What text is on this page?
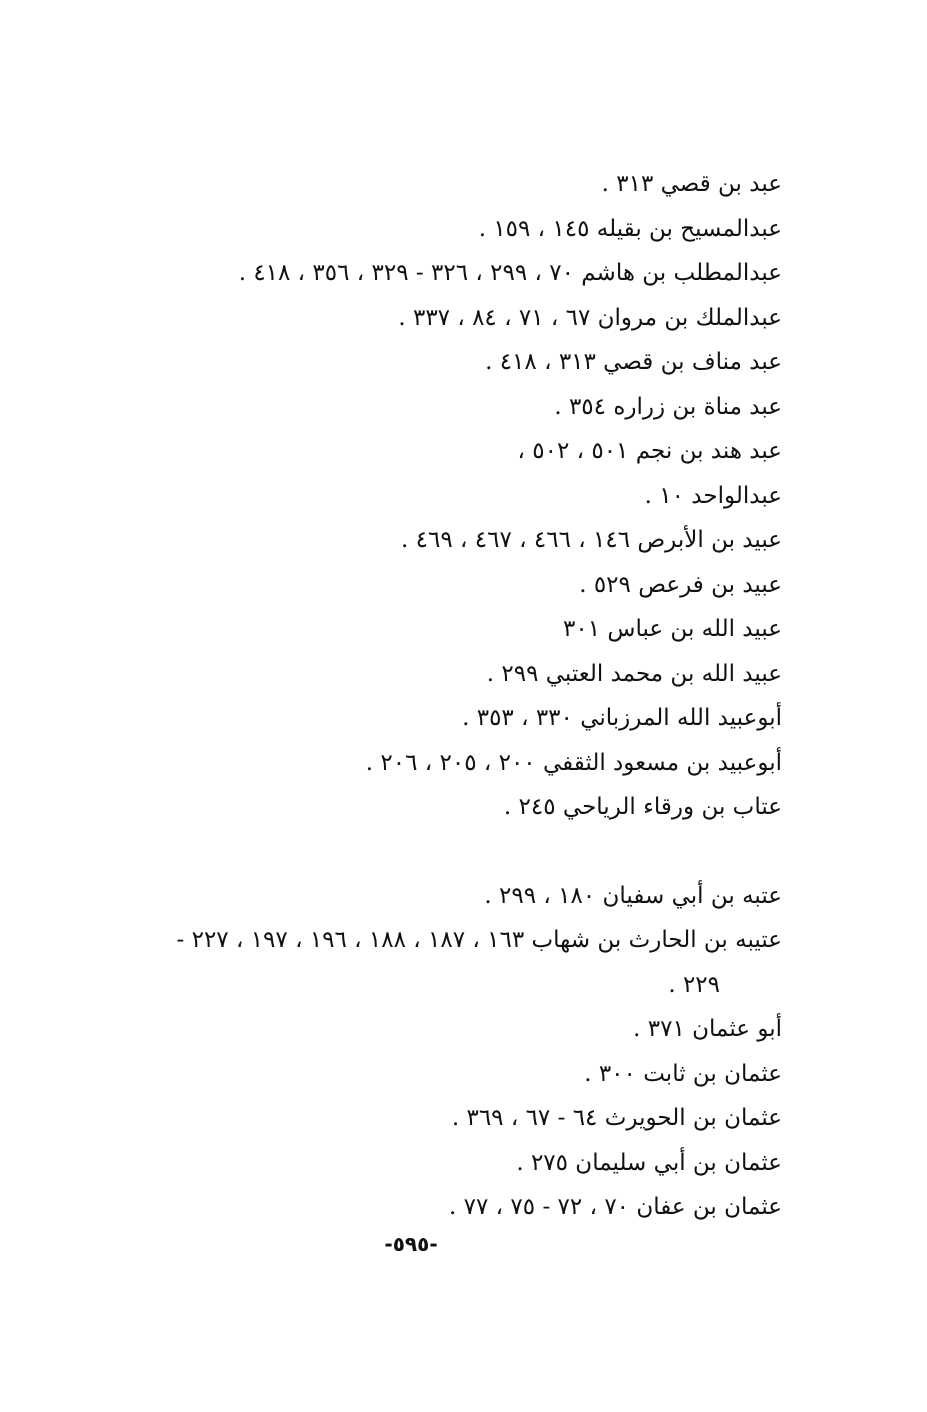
عبد بن قصي ٣١٣ .
عبدالمسيح بن بقيله ١٤٥ ، ١٥٩ .
عبدالمطلب بن هاشم ٧٠ ، ٢٩٩ ، ٣٢٦ - ٣٢٩ ، ٣٥٦ ، ٤١٨ .
عبدالملك بن مروان ٦٧ ، ٧١ ، ٨٤ ، ٣٣٧ .
عبد مناف بن قصي ٣١٣ ، ٤١٨ .
عبد مناة بن زراره ٣٥٤ .
عبد هند بن نجم ٥٠١ ، ٥٠٢ ،
عبدالواحد ١٠ .
عبيد بن الأبرص ١٤٦ ، ٤٦٦ ، ٤٦٧ ، ٤٦٩ .
عبيد بن فرعص ٥٢٩ .
عبيد الله بن عباس ٣٠١
عبيد الله بن محمد العتبي ٢٩٩ .
أبوعبيد الله المرزباني ٣٣٠ ، ٣٥٣ .
أبوعبيد بن مسعود الثقفي ٢٠٠ ، ٢٠٥ ، ٢٠٦ .
عتاب بن ورقاء الرياحي ٢٤٥ .
عتبه بن أبي سفيان ١٨٠ ، ٢٩٩ .
عتيبه بن الحارث بن شهاب ١٦٣ ، ١٨٧ ، ١٨٨ ، ١٩٦ ، ١٩٧ ، ٢٢٧ -
٢٢٩ .
أبو عثمان ٣٧١ .
عثمان بن ثابت ٣٠٠ .
عثمان بن الحويرث ٦٤ - ٦٧ ، ٣٦٩ .
عثمان بن أبي سليمان ٢٧٥ .
عثمان بن عفان ٧٠ ، ٧٢ - ٧٥ ، ٧٧ .
-٥٩٥-
